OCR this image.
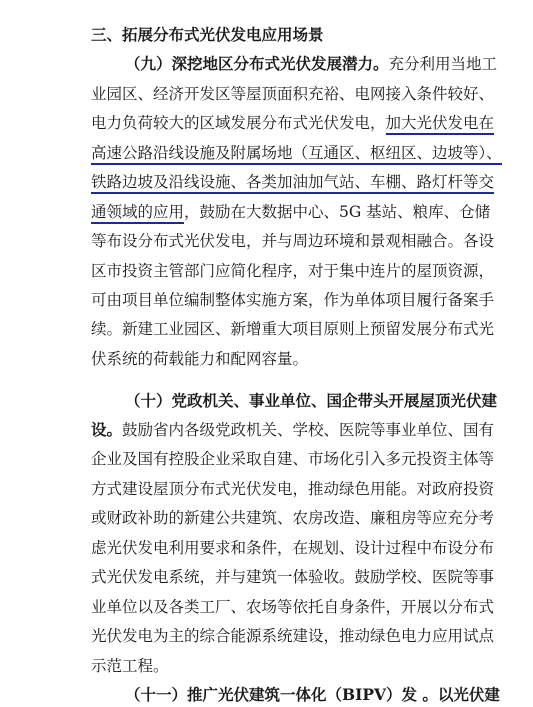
三、拓展分布式光伏发电应用场景
（九）深挖地区分布式光伏发展潜力。充分利用当地工
业园区、经济开发区等屋顶面积充裕、电网接入条件较好、
电力负荷较大的区域发展分布式光伏发电，加大光伏发电在
高速公路沿线设施及附属场地（互通区、枢纽区、边坡等）、
铁路边坡及沿线设施、各类加油加气站、车棚、路灯杆等交
通领域的应用，鼓励在大数据中心、5G 基站、粮库、仓储
等布设分布式光伏发电，并与周边环境和景观相融合。各设
区市投资主管部门应简化程序，对于集中连片的屋顶资源，
可由项目单位编制整体实施方案，作为单体项目履行备案手
续。新建工业园区、新增重大项目原则上预留发展分布式光
伏系统的荷载能力和配网容量。
（十）党政机关、事业单位、国企带头开展屋顶光伏建
设。鼓励省内各级党政机关、学校、医院等事业单位、国有
企业及国有控股企业采取自建、市场化引入多元投资主体等
方式建设屋顶分布式光伏发电，推动绿色用能。对政府投资
或财政补助的新建公共建筑、农房改造、廉租房等应充分考
虑光伏发电利用要求和条件，在规划、设计过程中布设分布
式光伏发电系统，并与建筑一体验收。鼓励学校、医院等事
业单位以及各类工厂、农场等依托自身条件，开展以分布式
光伏发电为主的综合能源系统建设，推动绿色电力应用试点
示范工程。
（十一）推广光伏建筑一体化（BIPV）发 。以光伏建
